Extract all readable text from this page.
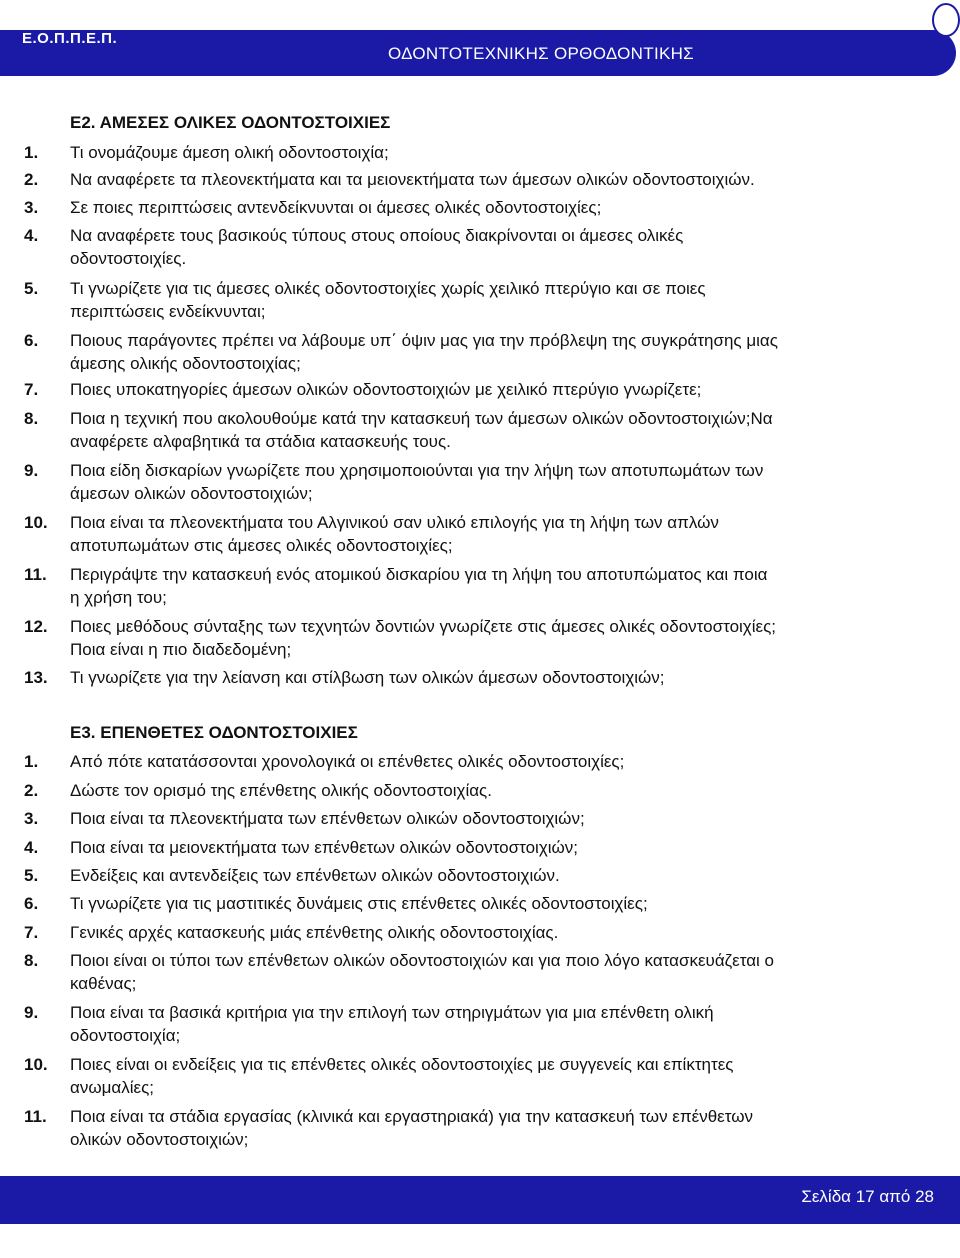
Ε.Ο.Π.Π.Ε.Π.
ΟΔΟΝΤΟΤΕΧΝΙΚΗΣ ΟΡΘΟΔΟΝΤΙΚΗΣ
Ε2. ΑΜΕΣΕΣ ΟΛΙΚΕΣ ΟΔΟΝΤΟΣΤΟΙΧΙΕΣ
1. Τι ονομάζουμε άμεση ολική οδοντοστοιχία;
2. Να αναφέρετε τα πλεονεκτήματα και τα μειονεκτήματα των άμεσων ολικών οδοντοστοιχιών.
3. Σε ποιες περιπτώσεις αντενδείκνυνται οι άμεσες ολικές οδοντοστοιχίες;
4. Να αναφέρετε τους βασικούς τύπους στους οποίους διακρίνονται οι άμεσες ολικές
οδοντοστοιχίες.
5. Τι γνωρίζετε για τις άμεσες ολικές οδοντοστοιχίες χωρίς χειλικό πτερύγιο και σε ποιες
περιπτώσεις ενδείκνυνται;
6. Ποιους παράγοντες πρέπει να λάβουμε υπ΄ όψιν μας για την πρόβλεψη της συγκράτησης μιας
άμεσης ολικής οδοντοστοιχίας;
7. Ποιες υποκατηγορίες άμεσων ολικών οδοντοστοιχιών με χειλικό πτερύγιο γνωρίζετε;
8. Ποια η τεχνική που ακολουθούμε κατά την κατασκευή των άμεσων ολικών οδοντοστοιχιών;Να
αναφέρετε αλφαβητικά τα στάδια κατασκευής τους.
9. Ποια είδη δισκαρίων γνωρίζετε που χρησιμοποιούνται για την λήψη των αποτυπωμάτων των
άμεσων ολικών οδοντοστοιχιών;
10. Ποια είναι τα πλεονεκτήματα του Αλγινικού σαν υλικό επιλογής για τη λήψη των απλών
αποτυπωμάτων στις άμεσες ολικές οδοντοστοιχίες;
11. Περιγράψτε την κατασκευή ενός ατομικού δισκαρίου για τη λήψη του αποτυπώματος και ποια
η χρήση του;
12. Ποιες μεθόδους σύνταξης των τεχνητών δοντιών γνωρίζετε στις άμεσες ολικές οδοντοστοιχίες;
Ποια είναι η πιο διαδεδομένη;
13. Τι γνωρίζετε για την λείανση και στίλβωση των ολικών άμεσων οδοντοστοιχιών;
Ε3. ΕΠΕΝΘΕΤΕΣ ΟΔΟΝΤΟΣΤΟΙΧΙΕΣ
1. Από πότε κατατάσσονται χρονολογικά οι επένθετες ολικές οδοντοστοιχίες;
2. Δώστε τον ορισμό της επένθετης ολικής οδοντοστοιχίας.
3. Ποια είναι τα πλεονεκτήματα των επένθετων ολικών οδοντοστοιχιών;
4. Ποια είναι τα μειονεκτήματα των επένθετων ολικών οδοντοστοιχιών;
5. Ενδείξεις και αντενδείξεις των επένθετων ολικών οδοντοστοιχιών.
6. Τι γνωρίζετε για τις μαστιτικές δυνάμεις στις επένθετες ολικές οδοντοστοιχίες;
7. Γενικές αρχές κατασκευής μιάς επένθετης ολικής οδοντοστοιχίας.
8. Ποιοι είναι οι τύποι των επένθετων ολικών οδοντοστοιχιών και για ποιο λόγο κατασκευάζεται ο
καθένας;
9. Ποια είναι τα βασικά κριτήρια για την επιλογή των στηριγμάτων για μια επένθετη ολική
οδοντοστοιχία;
10. Ποιες είναι οι ενδείξεις για τις επένθετες ολικές οδοντοστοιχίες με συγγενείς και επίκτητες
ανωμαλίες;
11. Ποια είναι τα στάδια εργασίας (κλινικά και εργαστηριακά) για την κατασκευή των επένθετων
ολικών οδοντοστοιχιών;
Σελίδα 17 από 28
